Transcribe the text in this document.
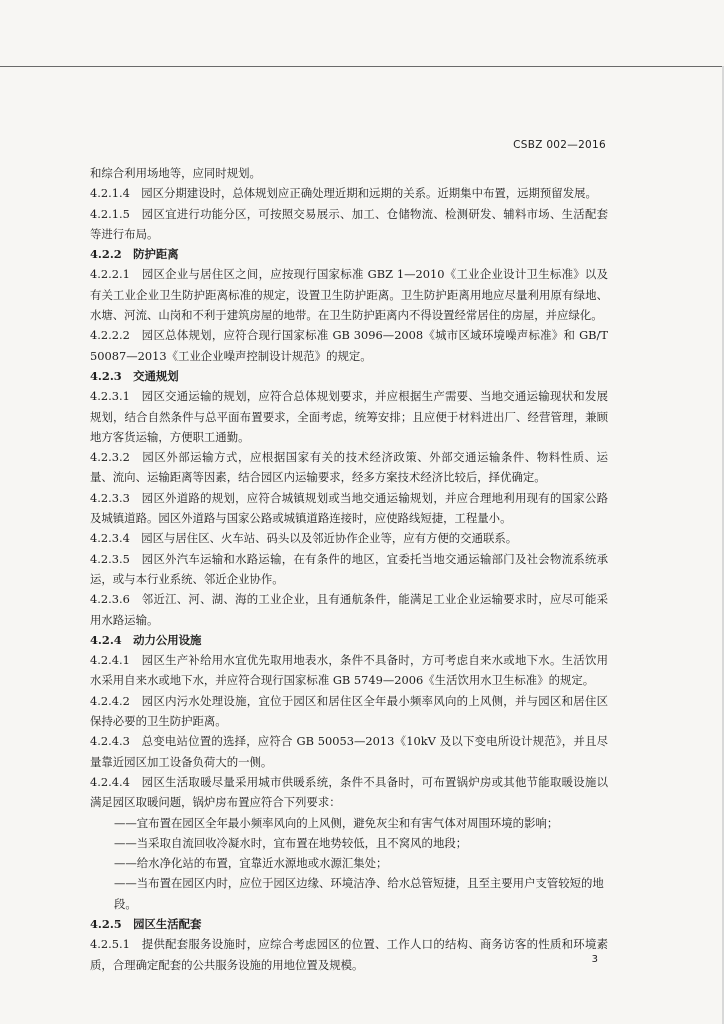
CSBZ 002—2016

和综合利用场地等，应同时规划。

4.2.1.4　园区分期建设时，总体规划应正确处理近期和远期的关系。近期集中布置，远期预留发展。

4.2.1.5　园区宜进行功能分区，可按照交易展示、加工、仓储物流、检测研发、辅料市场、生活配套等进行布局。

4.2.2　防护距离

4.2.2.1　园区企业与居住区之间，应按现行国家标准 GBZ 1—2010《工业企业设计卫生标准》以及有关工业企业卫生防护距离标准的规定，设置卫生防护距离。卫生防护距离用地应尽量利用原有绿地、水塘、河流、山岗和不利于建筑房屋的地带。在卫生防护距离内不得设置经常居住的房屋，并应绿化。

4.2.2.2　园区总体规划，应符合现行国家标准 GB 3096—2008《城市区域环境噪声标准》和 GB/T 50087—2013《工业企业噪声控制设计规范》的规定。

4.2.3　交通规划

4.2.3.1　园区交通运输的规划，应符合总体规划要求，并应根据生产需要、当地交通运输现状和发展规划，结合自然条件与总平面布置要求，全面考虑，统筹安排；且应便于材料进出厂、经营管理，兼顾地方客货运输，方便职工通勤。

4.2.3.2　园区外部运输方式，应根据国家有关的技术经济政策、外部交通运输条件、物料性质、运量、流向、运输距离等因素，结合园区内运输要求，经多方案技术经济比较后，择优确定。

4.2.3.3　园区外道路的规划，应符合城镇规划或当地交通运输规划，并应合理地利用现有的国家公路及城镇道路。园区外道路与国家公路或城镇道路连接时，应使路线短捷，工程量小。

4.2.3.4　园区与居住区、火车站、码头以及邻近协作企业等，应有方便的交通联系。

4.2.3.5　园区外汽车运输和水路运输，在有条件的地区，宜委托当地交通运输部门及社会物流系统承运，或与本行业系统、邻近企业协作。

4.2.3.6　邻近江、河、湖、海的工业企业，且有通航条件，能满足工业企业运输要求时，应尽可能采用水路运输。

4.2.4　动力公用设施

4.2.4.1　园区生产补给用水宜优先取用地表水，条件不具备时，方可考虑自来水或地下水。生活饮用水采用自来水或地下水，并应符合现行国家标准 GB 5749—2006《生活饮用水卫生标准》的规定。

4.2.4.2　园区内污水处理设施，宜位于园区和居住区全年最小频率风向的上风侧，并与园区和居住区保持必要的卫生防护距离。

4.2.4.3　总变电站位置的选择，应符合 GB 50053—2013《10kV 及以下变电所设计规范》，并且尽量靠近园区加工设备负荷大的一侧。

4.2.4.4　园区生活取暖尽量采用城市供暖系统，条件不具备时，可布置锅炉房或其他节能取暖设施以满足园区取暖问题，锅炉房布置应符合下列要求：

——宜布置在园区全年最小频率风向的上风侧，避免灰尘和有害气体对周围环境的影响；

——当采取自流回收冷凝水时，宜布置在地势较低，且不窝风的地段；

——给水净化站的布置，宜靠近水源地或水源汇集处；

——当布置在园区内时，应位于园区边缘、环境洁净、给水总管短捷，且至主要用户支管较短的地段。

4.2.5　园区生活配套

4.2.5.1　提供配套服务设施时，应综合考虑园区的位置、工作人口的结构、商务访客的性质和环境素质，合理确定配套的公共服务设施的用地位置及规模。	3
